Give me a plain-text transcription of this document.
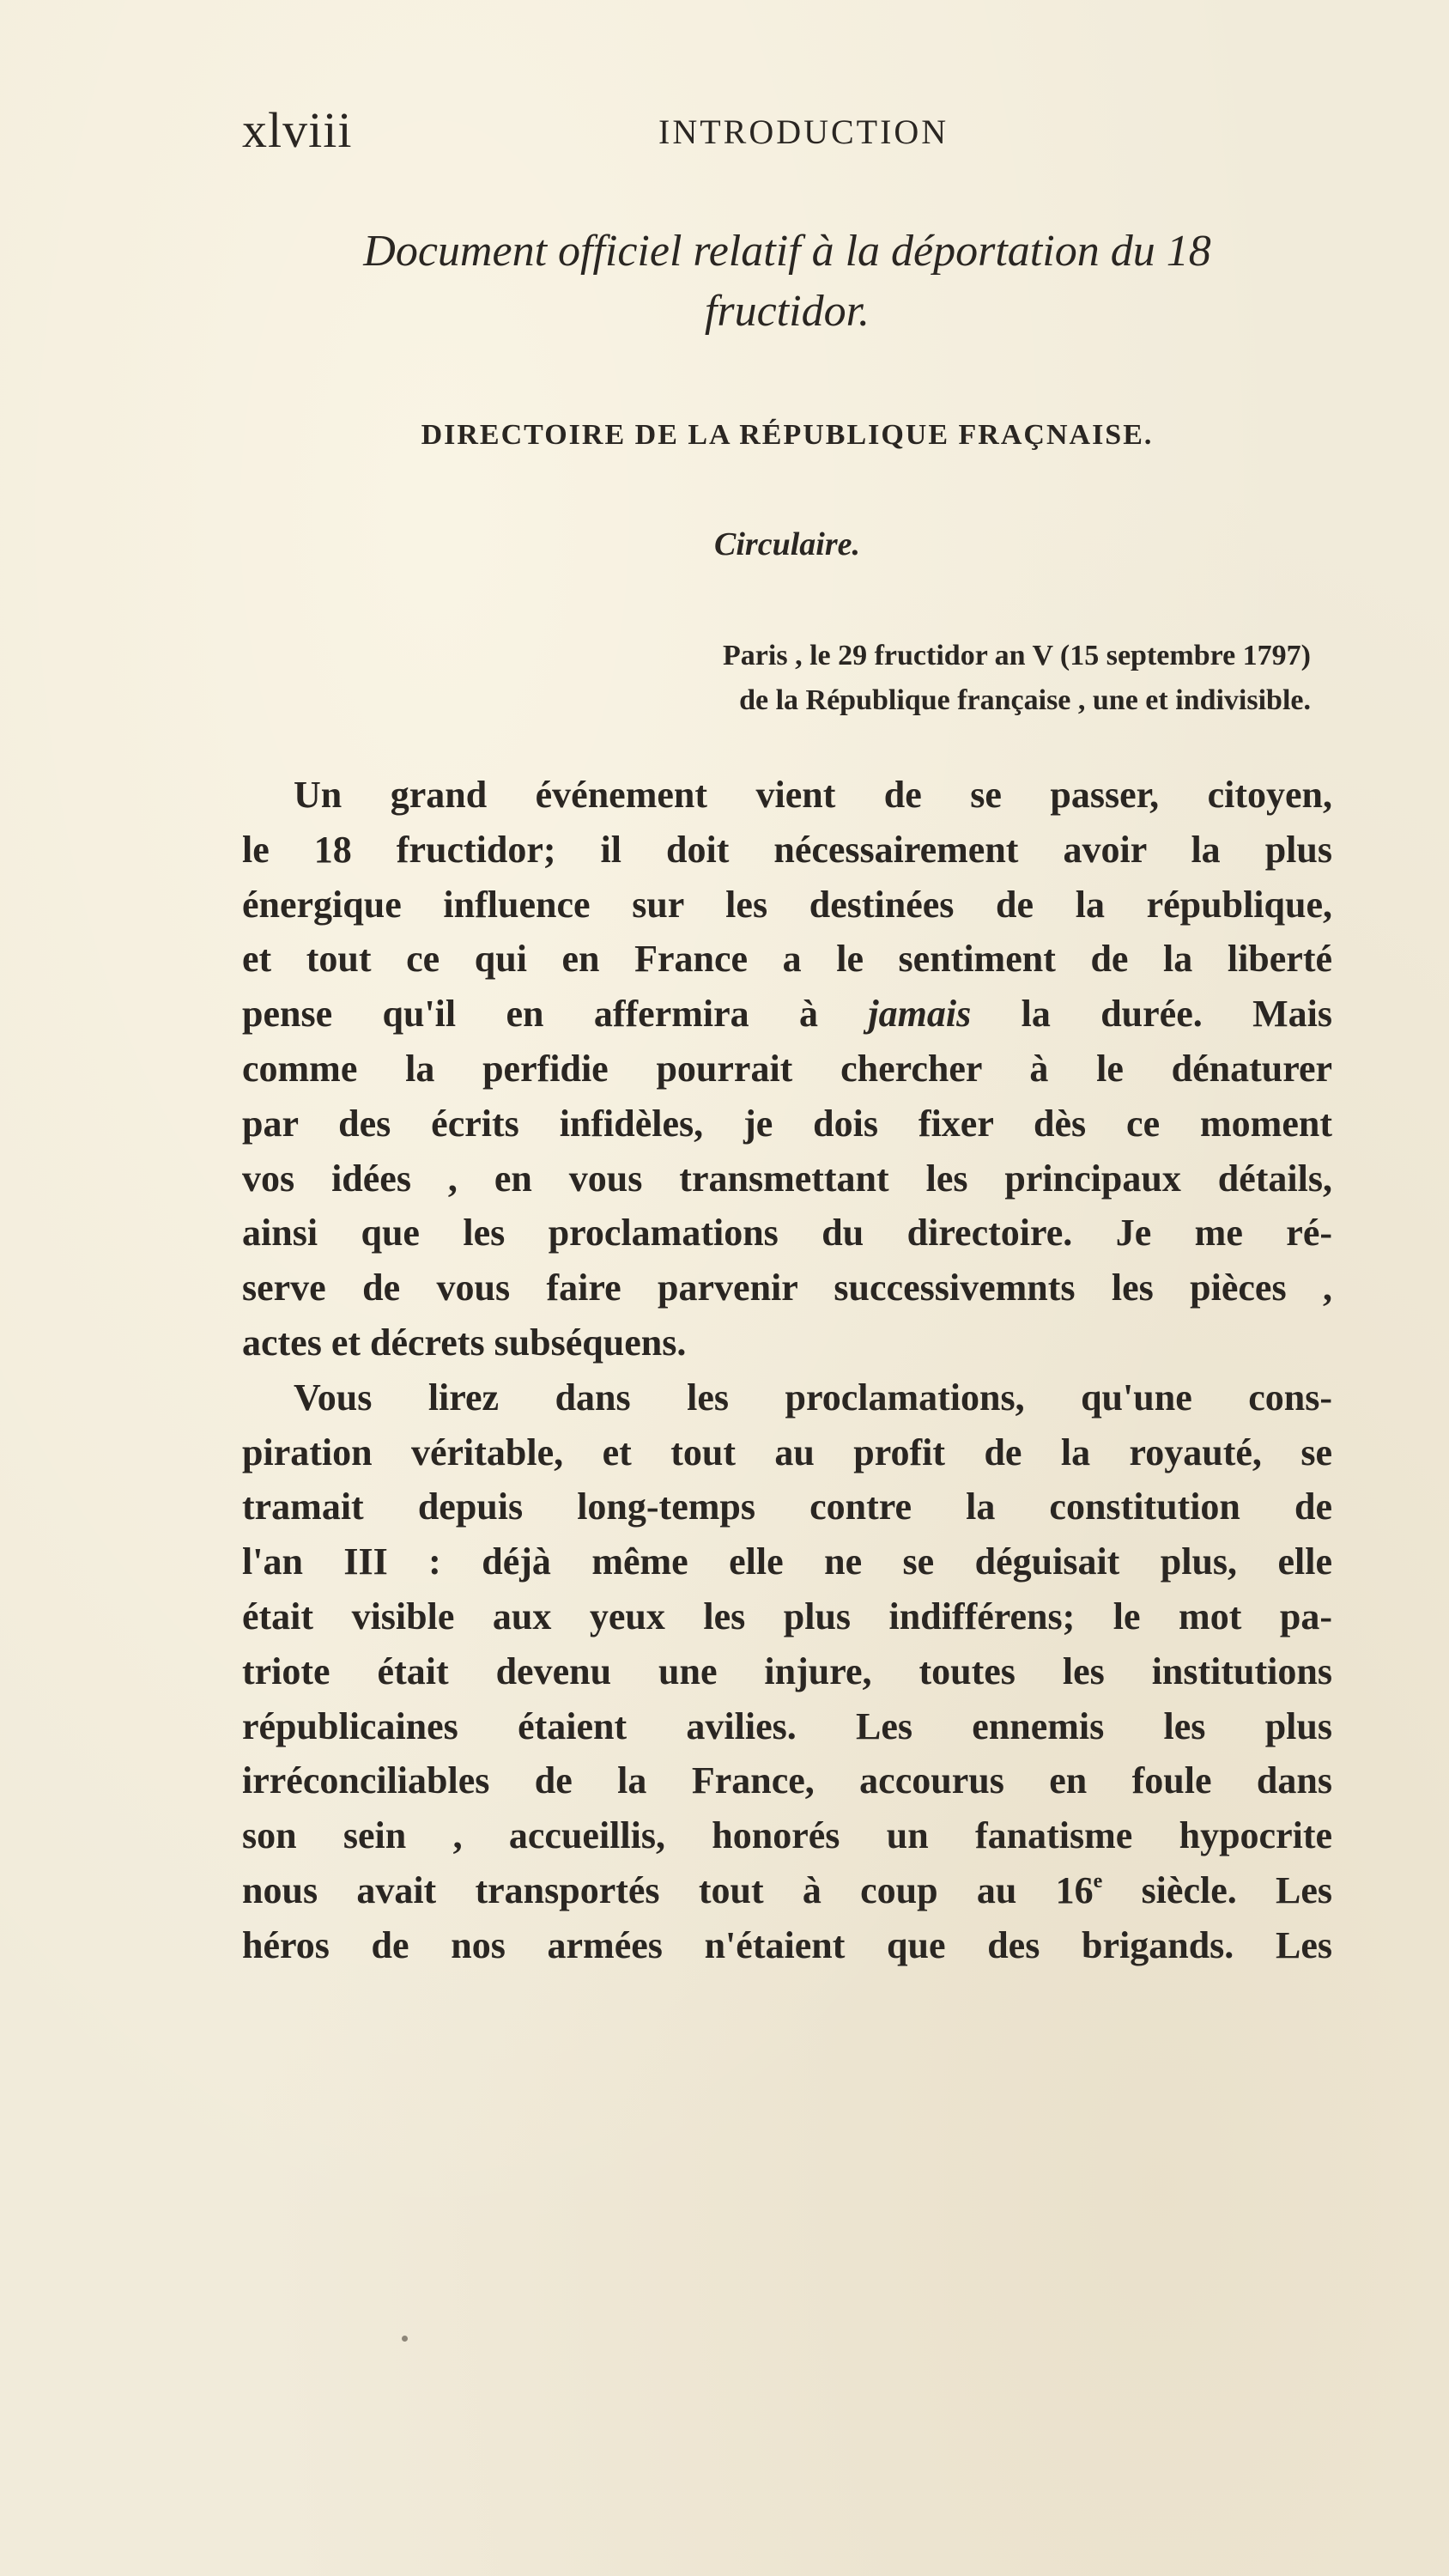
xlviii	INTRODUCTION
Document officiel relatif à la déportation du 18
fructidor.
DIRECTOIRE DE LA RÉPUBLIQUE FRAÇNAISE.
Circulaire.
Paris , le 29 fructidor an V (15 septembre 1797)
de la République française , une et indivisible.
Un grand événement vient de se passer, citoyen,
le 18 fructidor; il doit nécessairement avoir la plus
énergique influence sur les destinées de la république,
et tout ce qui en France a le sentiment de la liberté
pense qu'il en affermira à jamais la durée. Mais
comme la perfidie pourrait chercher à le dénaturer
par des écrits infidèles, je dois fixer dès ce moment
vos idées , en vous transmettant les principaux détails,
ainsi que les proclamations du directoire. Je me ré-
serve de vous faire parvenir successivemnts les pièces ,
actes et décrets subséquens.
Vous lirez dans les proclamations, qu'une cons-
piration véritable, et tout au profit de la royauté, se
tramait depuis long-temps contre la constitution de
l'an III : déjà même elle ne se déguisait plus, elle
était visible aux yeux les plus indifférens; le mot pa-
triote était devenu une injure, toutes les institutions
républicaines étaient avilies. Les ennemis les plus
irréconciliables de la France, accourus en foule dans
son sein , accueillis, honorés un fanatisme hypocrite
nous avait transportés tout à coup au 16e siècle. Les
héros de nos armées n'étaient que des brigands. Les
